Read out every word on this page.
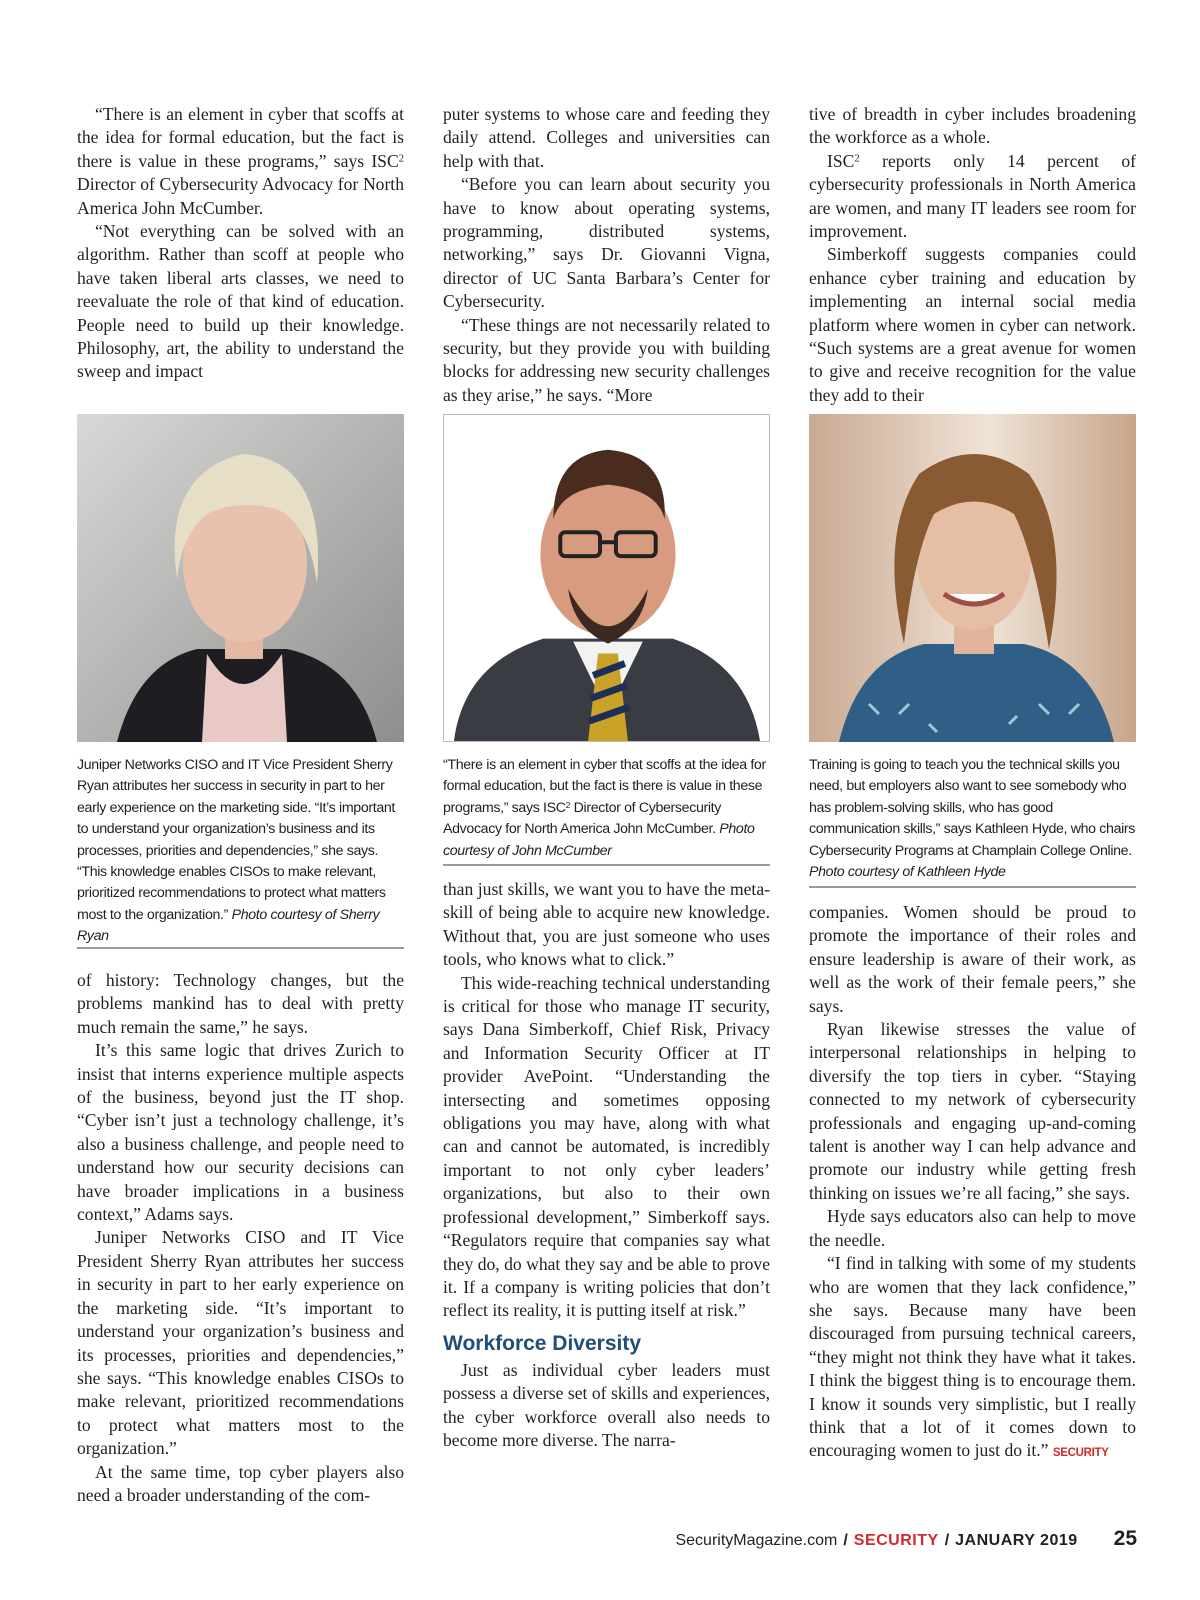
“There is an element in cyber that scoffs at the idea for formal education, but the fact is there is value in these programs,” says ISC$^2$ Director of Cybersecurity Advocacy for North America John McCumber.

“Not everything can be solved with an algorithm. Rather than scoff at people who have taken liberal arts classes, we need to reevaluate the role of that kind of education. People need to build up their knowledge. Philosophy, art, the ability to understand the sweep and impact

Juniper Networks CISO and IT Vice President Sherry Ryan attributes her success in security in part to her early experience on the marketing side. “It’s important to understand your organization’s business and its processes, priorities and dependencies,” she says. “This knowledge enables CISOs to make relevant, prioritized recommendations to protect what matters most to the organization.” Photo courtesy of Sherry Ryan

of history: Technology changes, but the problems mankind has to deal with pretty much remain the same,” he says.

It’s this same logic that drives Zurich to insist that interns experience multiple aspects of the business, beyond just the IT shop. “Cyber isn’t just a technology challenge, it’s also a business challenge, and people need to understand how our security decisions can have broader implications in a business context,” Adams says.

Juniper Networks CISO and IT Vice President Sherry Ryan attributes her success in security in part to her early experience on the marketing side. “It’s important to understand your organization’s business and its processes, priorities and dependencies,” she says. “This knowledge enables CISOs to make relevant, prioritized recommendations to protect what matters most to the organization.”

At the same time, top cyber players also need a broader understanding of the com-

puter systems to whose care and feeding they daily attend. Colleges and universities can help with that.

“Before you can learn about security you have to know about operating systems, programming, distributed systems, networking,” says Dr. Giovanni Vigna, director of UC Santa Barbara’s Center for Cybersecurity.

“These things are not necessarily related to security, but they provide you with building blocks for addressing new security challenges as they arise,” he says. “More

“There is an element in cyber that scoffs at the idea for formal education, but the fact is there is value in these programs,” says ISC$^2$ Director of Cybersecurity Advocacy for North America John McCumber. Photo courtesy of John McCumber

than just skills, we want you to have the meta-skill of being able to acquire new knowledge. Without that, you are just someone who uses tools, who knows what to click.”

This wide-reaching technical understanding is critical for those who manage IT security, says Dana Simberkoff, Chief Risk, Privacy and Information Security Officer at IT provider AvePoint. “Understanding the intersecting and sometimes opposing obligations you may have, along with what can and cannot be automated, is incredibly important to not only cyber leaders’ organizations, but also to their own professional development,” Simberkoff says. “Regulators require that companies say what they do, do what they say and be able to prove it. If a company is writing policies that don’t reflect its reality, it is putting itself at risk.”

Workforce Diversity

Just as individual cyber leaders must possess a diverse set of skills and experiences, the cyber workforce overall also needs to become more diverse. The narra-

tive of breadth in cyber includes broadening the workforce as a whole.

ISC$^2$ reports only 14 percent of cybersecurity professionals in North America are women, and many IT leaders see room for improvement.

Simberkoff suggests companies could enhance cyber training and education by implementing an internal social media platform where women in cyber can network. “Such systems are a great avenue for women to give and receive recognition for the value they add to their

Training is going to teach you the technical skills you need, but employers also want to see somebody who has problem-solving skills, who has good communication skills,” says Kathleen Hyde, who chairs Cybersecurity Programs at Champlain College Online. Photo courtesy of Kathleen Hyde

companies. Women should be proud to promote the importance of their roles and ensure leadership is aware of their work, as well as the work of their female peers,” she says.

Ryan likewise stresses the value of interpersonal relationships in helping to diversify the top tiers in cyber. “Staying connected to my network of cybersecurity professionals and engaging up-and-coming talent is another way I can help advance and promote our industry while getting fresh thinking on issues we’re all facing,” she says.

Hyde says educators also can help to move the needle.

“I find in talking with some of my students who are women that they lack confidence,” she says. Because many have been discouraged from pursuing technical careers, “they might not think they have what it takes. I think the biggest thing is to encourage them. I know it sounds very simplistic, but I really think that a lot of it comes down to encouraging women to just do it.” SECURITY

SecurityMagazine.com / SECURITY / JANUARY 2019 25
